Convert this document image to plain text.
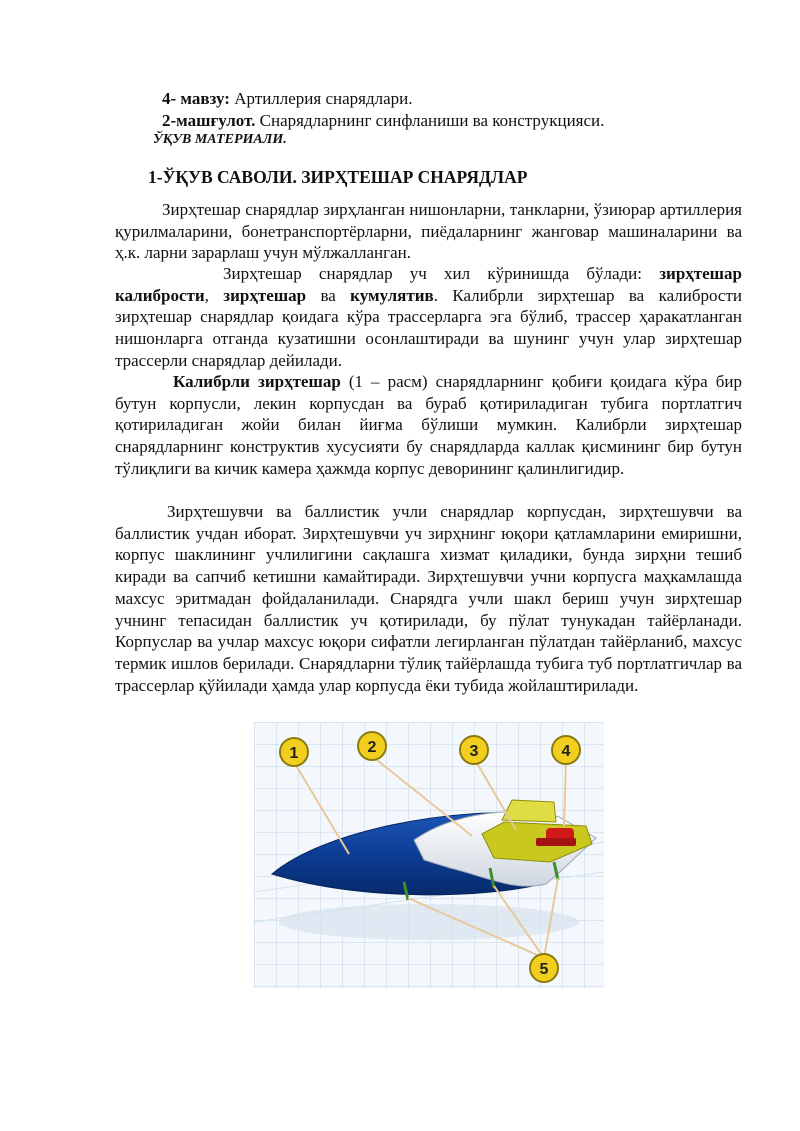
4- мавзу: Артиллерия снарядлари.
2-машғулот. Снарядларнинг синфланиши ва конструкцияси.
ЎҚУВ МАТЕРИАЛИ.
1-ЎҚУВ САВОЛИ. ЗИРҲТЕШАР СНАРЯДЛАР
Зирҳтешар снарядлар зирҳланган нишонларни, танкларни, ўзиюрар артиллерия қурилмаларини, бонетранспортёрларни, пиёдаларнинг жанговар машиналарини ва ҳ.к. ларни зарарлаш учун мўлжалланган.
Зирҳтешар снарядлар уч хил кўринишда бўлади: зирҳтешар калибрости, зирҳтешар ва кумулятив. Калибрли зирҳтешар ва калибрости зирҳтешар снарядлар қоидага кўра трассерларга эга бўлиб, трассер ҳаракатланган нишонларга отганда кузатишни осонлаштиради ва шунинг учун улар зирҳтешар трассерли снарядлар дейилади.
Калибрли зирҳтешар (1 – расм) снарядларнинг қобиғи қоидага кўра бир бутун корпусли, лекин корпусдан ва бураб қотириладиган тубига портлатгич қотириладиган жойи билан йиғма бўлиши мумкин. Калибрли зирҳтешар снарядларнинг конструктив хусусияти бу снарядларда каллак қисмининг бир бутун тўлиқлиги ва кичик камера ҳажмда корпус деворининг қалинлигидир.
Зирҳтешувчи ва баллистик учли снарядлар корпусдан, зирҳтешувчи ва баллистик учдан иборат. Зирҳтешувчи уч зирҳнинг юқори қатламларини емиришни, корпус шаклининг учлилигини сақлашга хизмат қиладики, бунда зирҳни тешиб киради ва сапчиб кетишни камайтиради. Зирҳтешувчи учни корпусга маҳкамлашда махсус эритмадан фойдаланилади. Снарядга учли шакл бериш учун зирҳтешар учнинг тепасидан баллистик уч қотирилади, бу пўлат тунукадан тайёрланади. Корпуслар ва учлар махсус юқори сифатли легирланган пўлатдан тайёрланиб, махсус термик ишлов берилади. Снарядларни тўлиқ тайёрлашда тубига туб портлатгичлар ва трассерлар қўйилади ҳамда улар корпусда ёки тубида жойлаштирилади.
1	2	3	4
5
